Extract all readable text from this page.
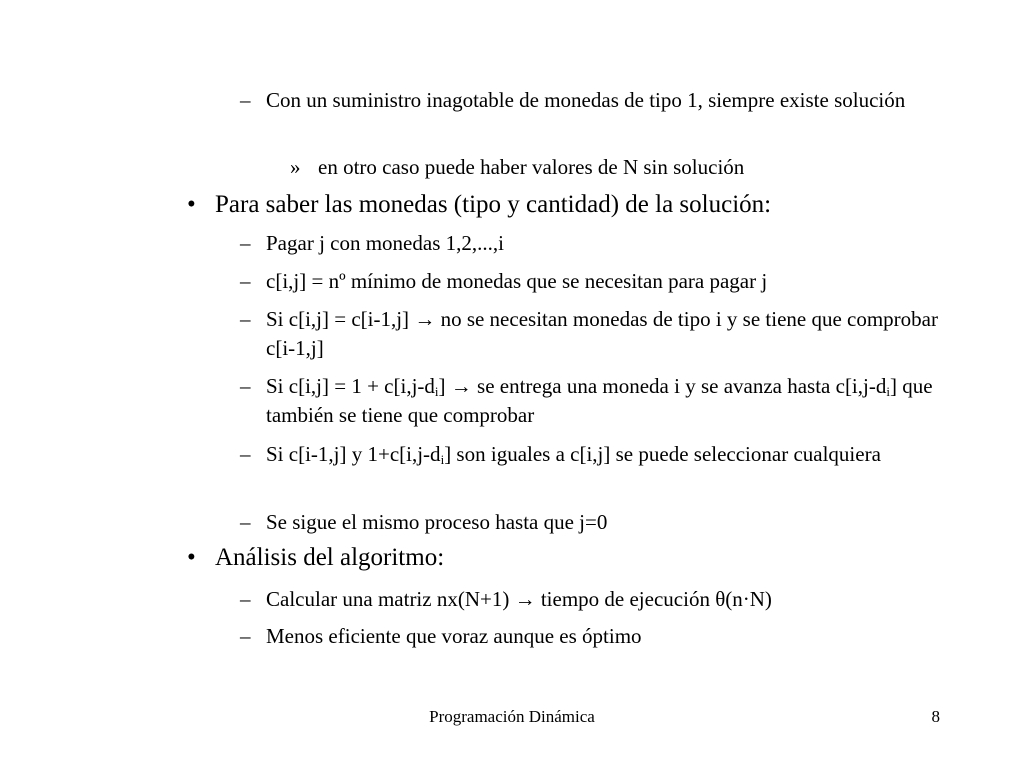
– Con un suministro inagotable de monedas de tipo 1, siempre existe solución
» en otro caso puede haber valores de N sin solución
• Para saber las monedas (tipo y cantidad) de la solución:
– Pagar j con monedas 1,2,...,i
– c[i,j] = nº mínimo de monedas que se necesitan para pagar j
– Si c[i,j] = c[i-1,j] → no se necesitan monedas de tipo i y se tiene que comprobar c[i-1,j]
– Si $c[i,j] = 1 + c[i,j-d_i]$ → se entrega una moneda i y se avanza hasta $c[i,j-d_i]$ que también se tiene que comprobar
– Si c[i-1,j] y $1+c[i,j-d_i]$ son iguales a c[i,j] se puede seleccionar cualquiera
– Se sigue el mismo proceso hasta que j=0
• Análisis del algoritmo:
– Calcular una matriz nx(N+1) → tiempo de ejecución θ(n·N)
– Menos eficiente que voraz aunque es óptimo
Programación Dinámica	8
